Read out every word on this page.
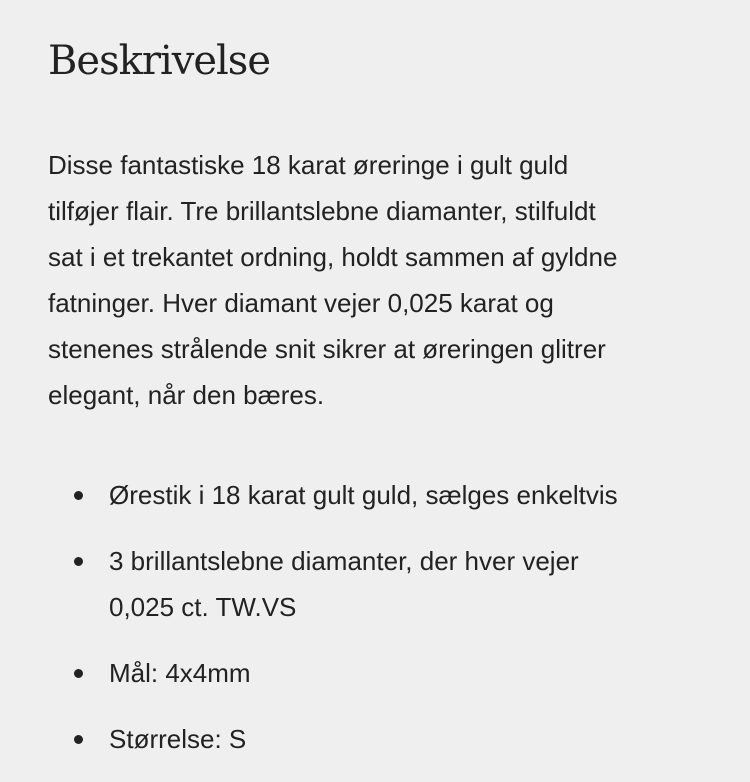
Beskrivelse
Disse fantastiske 18 karat øreringe i gult guld
tilføjer flair. Tre brillantslebne diamanter, stilfuldt
sat i et trekantet ordning, holdt sammen af gyldne
fatninger. Hver diamant vejer 0,025 karat og
stenenes strålende snit sikrer at øreringen glitrer
elegant, når den bæres.
Ørestik i 18 karat gult guld, sælges enkeltvis
3 brillantslebne diamanter, der hver vejer
0,025 ct. TW.VS
Mål: 4x4mm
Størrelse: S
